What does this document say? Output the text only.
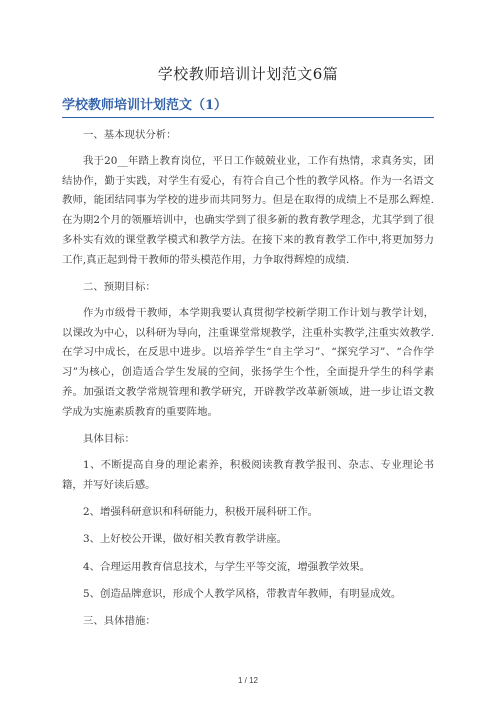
学校教师培训计划范文6篇
学校教师培训计划范文（1）

一、基本现状分析：

我于20__年踏上教育岗位，平日工作兢兢业业，工作有热情，求真务实，团结协作，勤于实践，对学生有爱心，有符合自己个性的教学风格。作为一名语文教师，能团结同事为学校的进步而共同努力。但是在取得的成绩上不是那么辉煌.在为期2个月的领雁培训中，也确实学到了很多新的教育教学理念，尤其学到了很多朴实有效的课堂教学模式和教学方法。在接下来的教育教学工作中,将更加努力工作,真正起到骨干教师的带头模范作用，力争取得辉煌的成绩.

二、预期目标：

作为市级骨干教师，本学期我要认真贯彻学校新学期工作计划与教学计划，以课改为中心，以科研为导向，注重课堂常规教学，注重朴实教学,注重实效教学.在学习中成长，在反思中进步。以培养学生“自主学习”、“探究学习”、“合作学习”为核心，创造适合学生发展的空间，张扬学生个性，全面提升学生的科学素养。加强语文教学常规管理和教学研究，开辟教学改革新领域，进一步让语文教学成为实施素质教育的重要阵地。

具体目标：

1、不断提高自身的理论素养，积极阅读教育教学报刊、杂志、专业理论书籍，并写好读后感。

2、增强科研意识和科研能力，积极开展科研工作。

3、上好校公开课，做好相关教育教学讲座。

4、合理运用教育信息技术，与学生平等交流，增强教学效果。

5、创造品牌意识，形成个人教学风格，带教青年教师，有明显成效。

三、具体措施：

1 / 12
